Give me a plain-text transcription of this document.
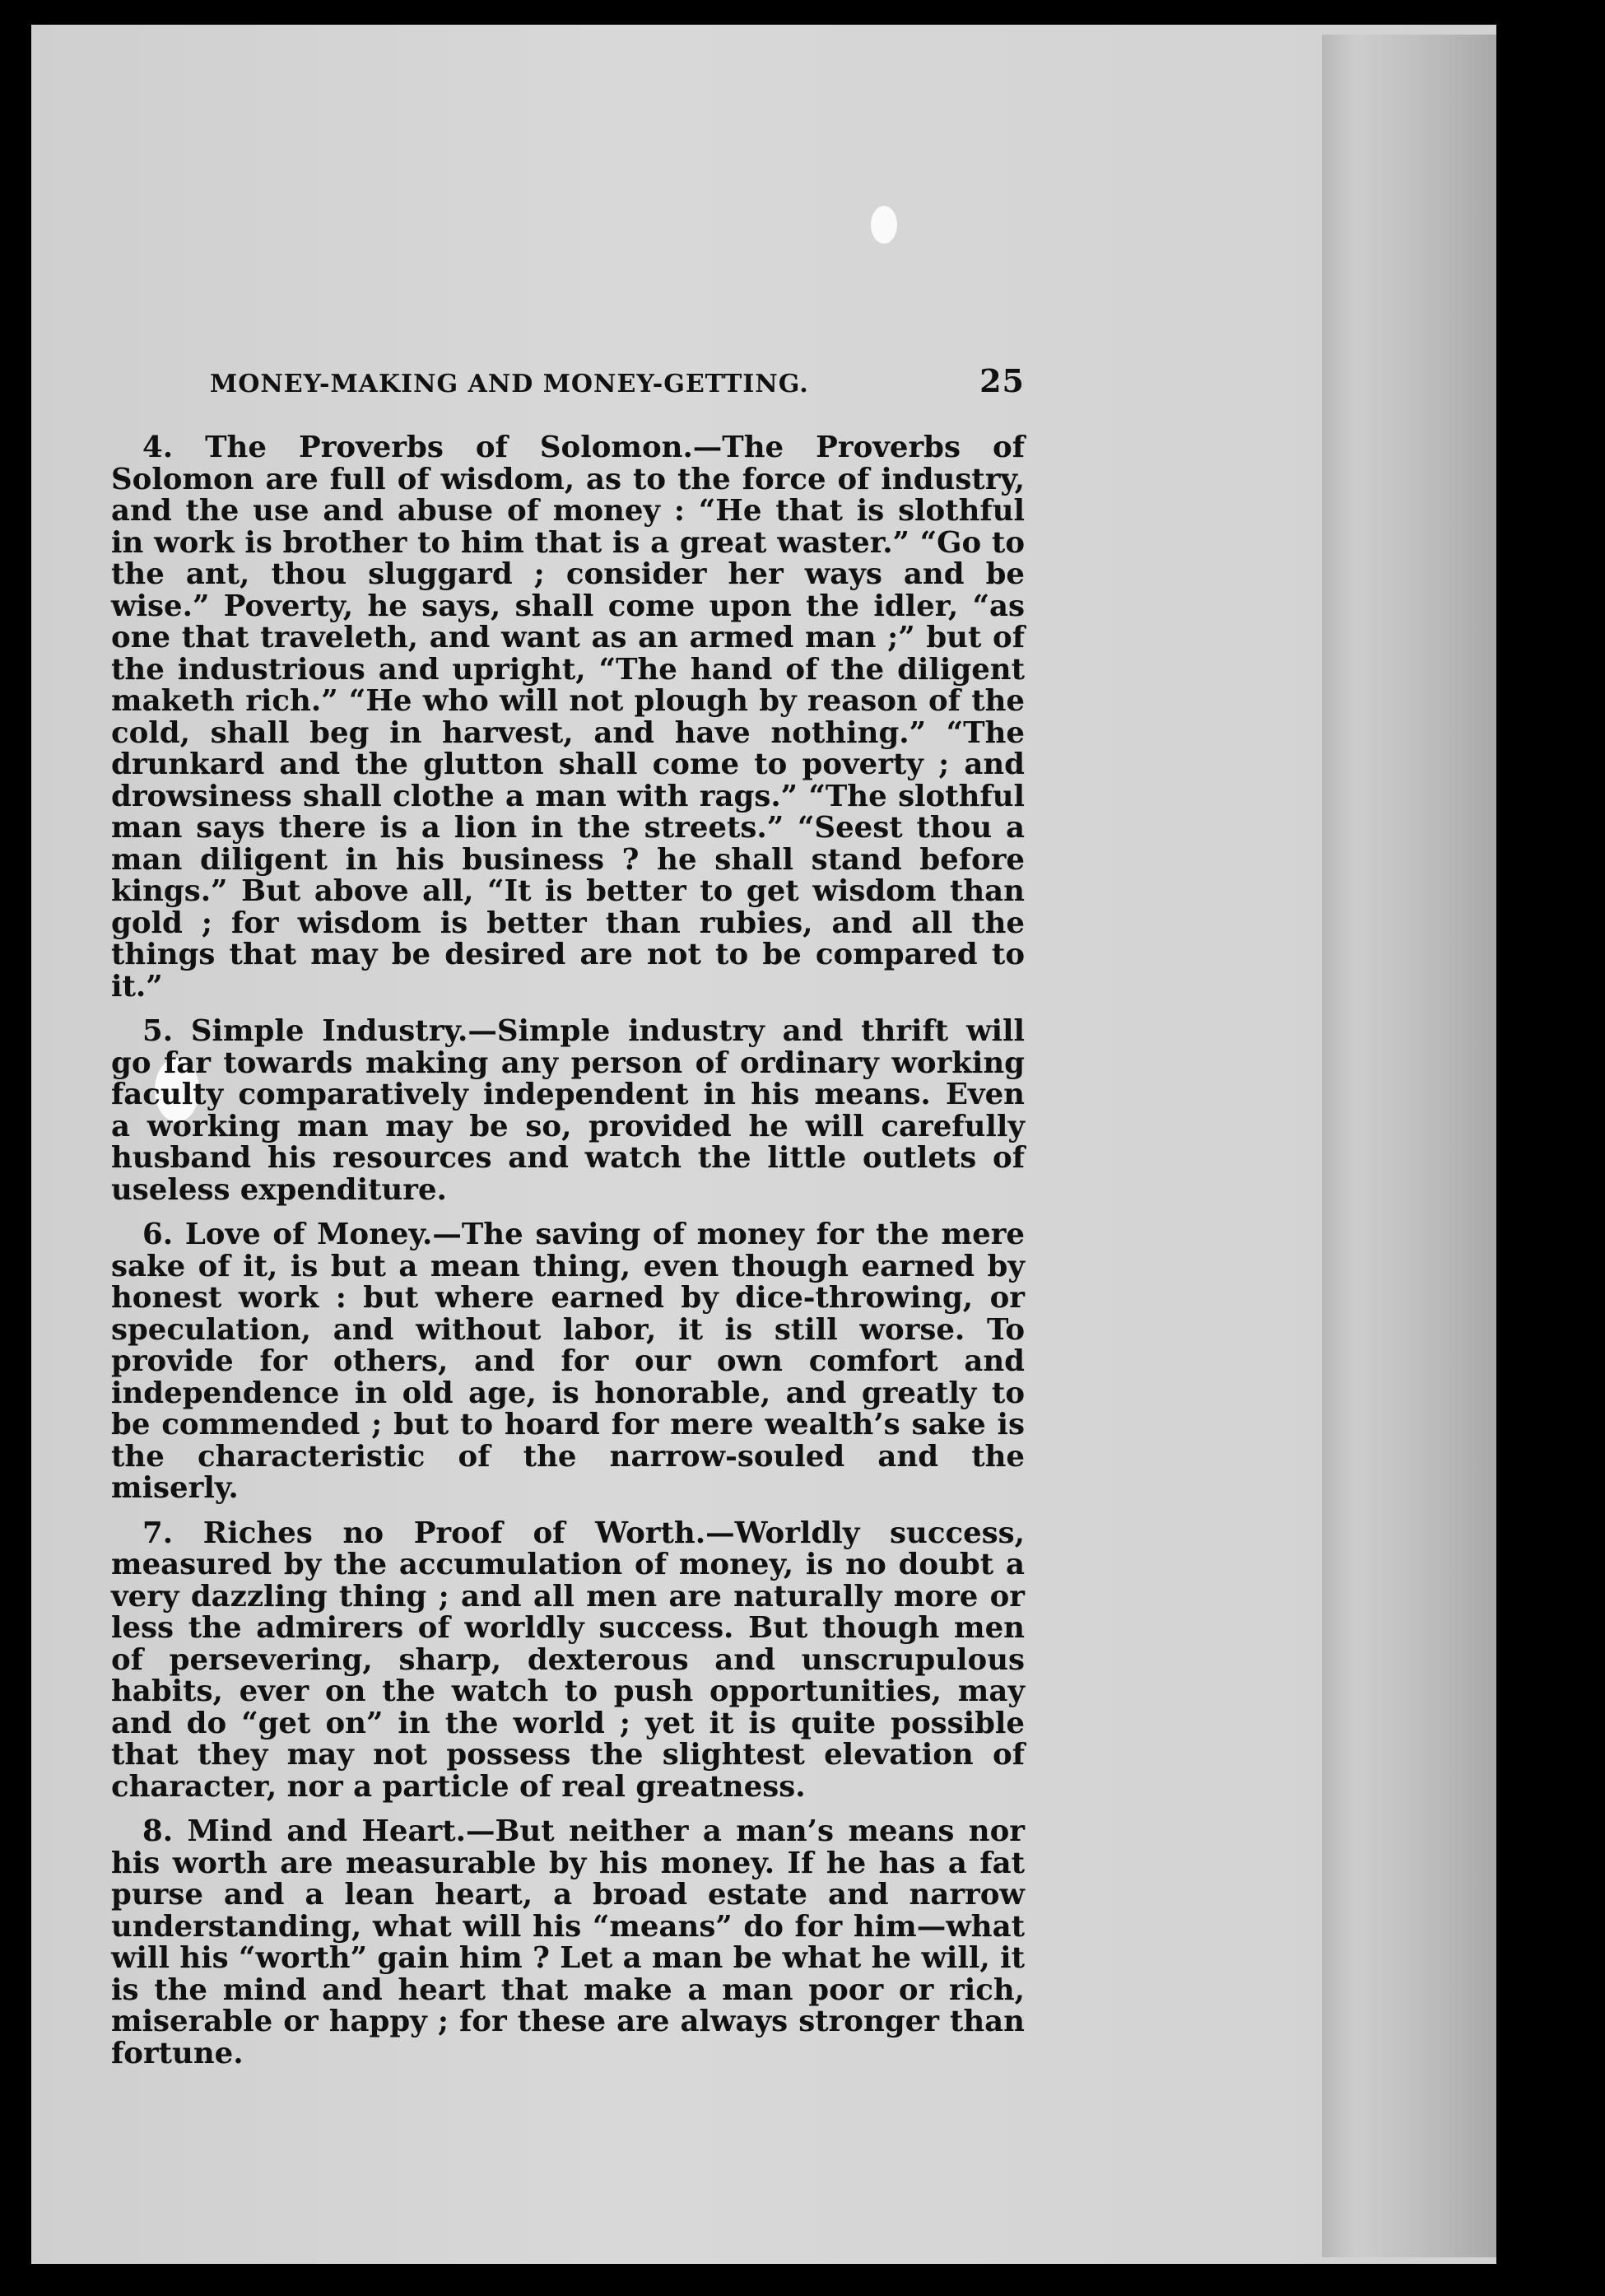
MONEY-MAKING AND MONEY-GETTING.	25

4. The Proverbs of Solomon.—The Proverbs of Solomon are full of wisdom, as to the force of industry, and the use and abuse of money : “He that is slothful in work is brother to him that is a great waster.” “Go to the ant, thou sluggard ; consider her ways and be wise.” Poverty, he says, shall come upon the idler, “as one that traveleth, and want as an armed man ;” but of the industrious and upright, “The hand of the diligent maketh rich.” “He who will not plough by reason of the cold, shall beg in harvest, and have nothing.” “The drunkard and the glutton shall come to poverty ; and drowsiness shall clothe a man with rags.” “The slothful man says there is a lion in the streets.” “Seest thou a man diligent in his business ? he shall stand before kings.” But above all, “It is better to get wisdom than gold ; for wisdom is better than rubies, and all the things that may be desired are not to be compared to it.”

5. Simple Industry.—Simple industry and thrift will go far towards making any person of ordinary working faculty comparatively independent in his means. Even a working man may be so, provided he will carefully husband his resources and watch the little outlets of useless expenditure.

6. Love of Money.—The saving of money for the mere sake of it, is but a mean thing, even though earned by honest work : but where earned by dice-throwing, or speculation, and without labor, it is still worse. To provide for others, and for our own comfort and independence in old age, is honorable, and greatly to be commended ; but to hoard for mere wealth’s sake is the characteristic of the narrow-souled and the miserly.

7. Riches no Proof of Worth.—Worldly success, measured by the accumulation of money, is no doubt a very dazzling thing ; and all men are naturally more or less the admirers of worldly success. But though men of persevering, sharp, dexterous and unscrupulous habits, ever on the watch to push opportunities, may and do “get on” in the world ; yet it is quite possible that they may not possess the slightest elevation of character, nor a particle of real greatness.

8. Mind and Heart.—But neither a man’s means nor his worth are measurable by his money. If he has a fat purse and a lean heart, a broad estate and narrow understanding, what will his “means” do for him—what will his “worth” gain him ? Let a man be what he will, it is the mind and heart that make a man poor or rich, miserable or happy ; for these are always stronger than fortune.
